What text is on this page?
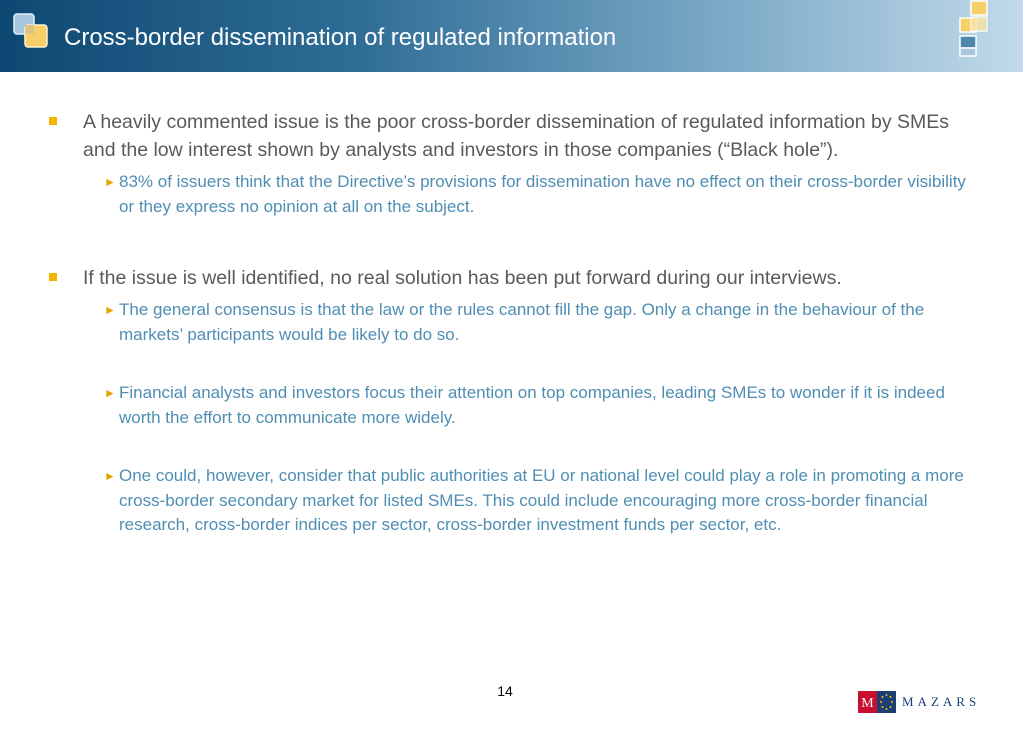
Cross-border dissemination of regulated information
A heavily commented issue is the poor cross-border dissemination of regulated information by SMEs and the low interest shown by analysts and investors in those companies (“Black hole”).
► 83% of issuers think that the Directive’s provisions for dissemination have no effect on their cross-border visibility or they express no opinion at all on the subject.
If the issue is well identified, no real solution has been put forward during our interviews.
► The general consensus is that the law or the rules cannot fill the gap. Only a change in the behaviour of the markets’ participants would be likely to do so.
► Financial analysts and investors focus their attention on top companies, leading SMEs to wonder if it is indeed worth the effort to communicate more widely.
► One could, however, consider that public authorities at EU or national level could play a role in promoting a more cross-border secondary market for listed SMEs. This could include encouraging more cross-border financial research, cross-border indices per sector, cross-border investment funds per sector, etc.
14
M MAZARS
